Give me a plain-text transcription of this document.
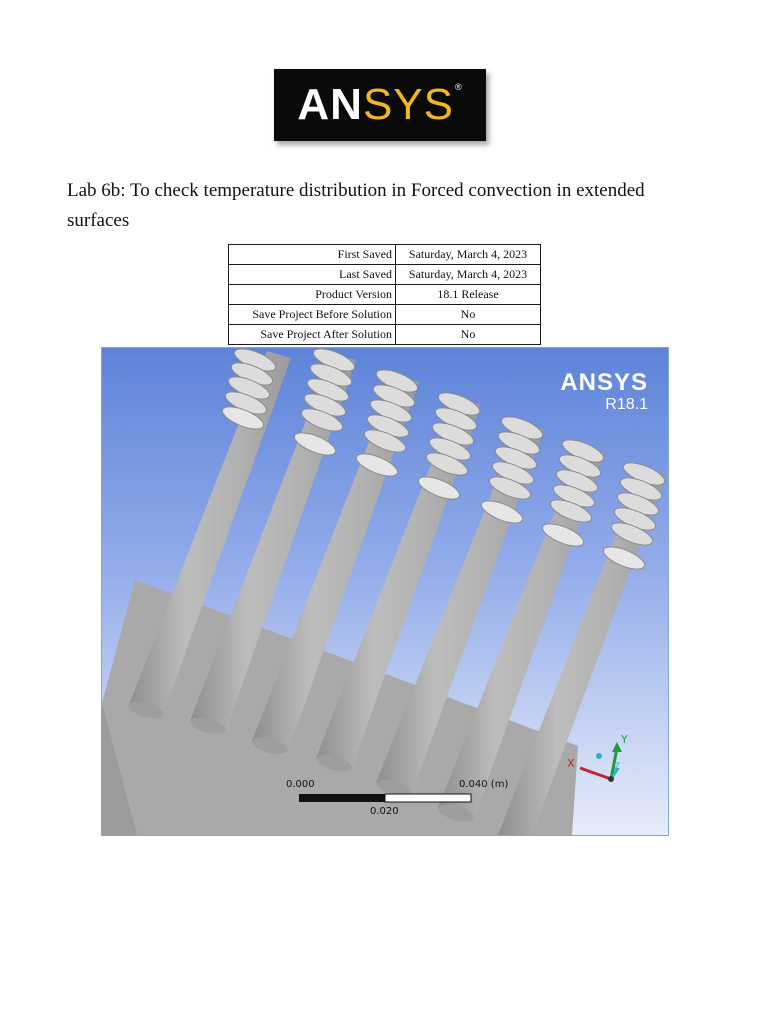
ANSYS®
Lab 6b: To check temperature distribution in Forced convection in extended surfaces
First Saved	Saturday, March 4, 2023
Last Saved	Saturday, March 4, 2023
Product Version	18.1 Release
Save Project Before Solution	No
Save Project After Solution	No
ANSYS
R18.1
0.000
0.020
0.040 (m)
X
Y
Z
